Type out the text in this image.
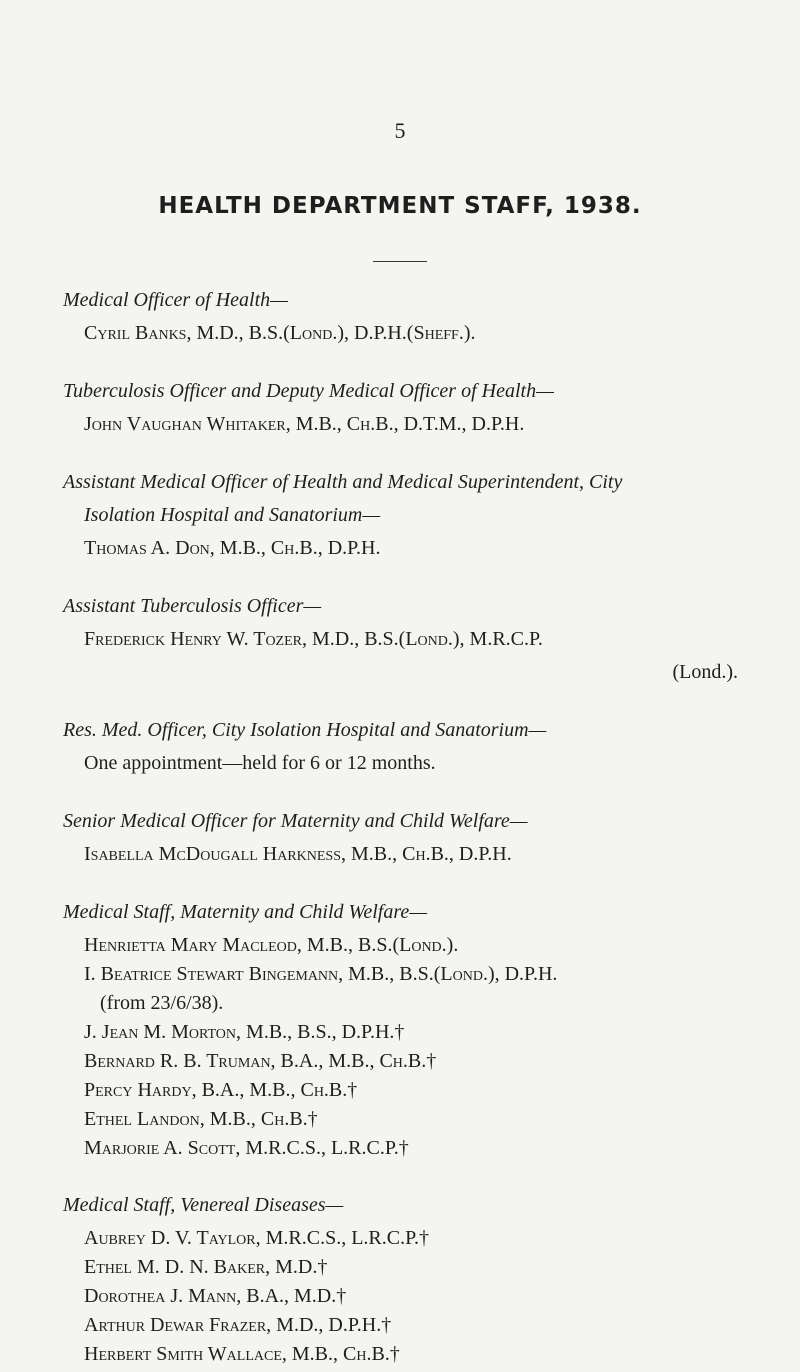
5
HEALTH DEPARTMENT STAFF, 1938.
Medical Officer of Health—
Cyril Banks, M.D., B.S.(Lond.), D.P.H.(Sheff.).
Tuberculosis Officer and Deputy Medical Officer of Health—
John Vaughan Whitaker, M.B., Ch.B., D.T.M., D.P.H.
Assistant Medical Officer of Health and Medical Superintendent, City
Isolation Hospital and Sanatorium—
Thomas A. Don, M.B., Ch.B., D.P.H.
Assistant Tuberculosis Officer—
Frederick Henry W. Tozer, M.D., B.S.(Lond.), M.R.C.P.
(Lond.).
Res. Med. Officer, City Isolation Hospital and Sanatorium—
One appointment—held for 6 or 12 months.
Senior Medical Officer for Maternity and Child Welfare—
Isabella McDougall Harkness, M.B., Ch.B., D.P.H.
Medical Staff, Maternity and Child Welfare—
Henrietta Mary Macleod, M.B., B.S.(Lond.).
I. Beatrice Stewart Bingemann, M.B., B.S.(Lond.), D.P.H.
(from 23/6/38).
J. Jean M. Morton, M.B., B.S., D.P.H.†
Bernard R. B. Truman, B.A., M.B., Ch.B.†
Percy Hardy, B.A., M.B., Ch.B.†
Ethel Landon, M.B., Ch.B.†
Marjorie A. Scott, M.R.C.S., L.R.C.P.†
Medical Staff, Venereal Diseases—
Aubrey D. V. Taylor, M.R.C.S., L.R.C.P.†
Ethel M. D. N. Baker, M.D.†
Dorothea J. Mann, B.A., M.D.†
Arthur Dewar Frazer, M.D., D.P.H.†
Herbert Smith Wallace, M.B., Ch.B.†
